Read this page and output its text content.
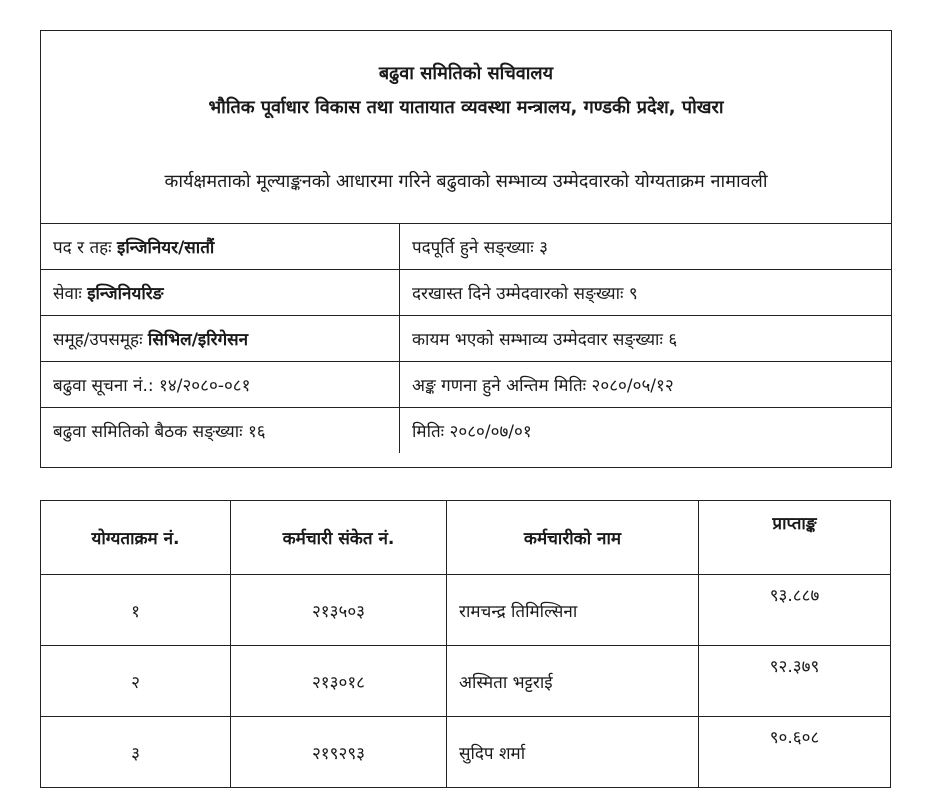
बढुवा समितिको सचिवालय
भौतिक पूर्वाधार विकास तथा यातायात व्यवस्था मन्त्रालय, गण्डकी प्रदेश, पोखरा
कार्यक्षमताको मूल्याङ्कनको आधारमा गरिने बढुवाको सम्भाव्य उम्मेदवारको योग्यताक्रम नामावली
पद र तहः इन्जिनियर/सातौं	पदपूर्ति हुने सङ्ख्याः ३
सेवाः इन्जिनियरिङ	दरखास्त दिने उम्मेदवारको सङ्ख्याः ९
समूह/उपसमूहः सिभिल/इरिगेसन	कायम भएको सम्भाव्य उम्मेदवार सङ्ख्याः ६
बढुवा सूचना नं.: १४/२०८०-०८१	अङ्क गणना हुने अन्तिम मितिः २०८०/०५/१२
बढुवा समितिको बैठक सङ्ख्याः १६	मितिः २०८०/०७/०१
योग्यताक्रम नं.	कर्मचारी संकेत नं.	कर्मचारीको नाम	प्राप्ताङ्क
१	२१३५०३	रामचन्द्र तिमिल्सिना	९३.८८७
२	२१३०१८	अस्मिता भट्टराई	९२.३७९
३	२१९२९३	सुदिप शर्मा	९०.६०८
